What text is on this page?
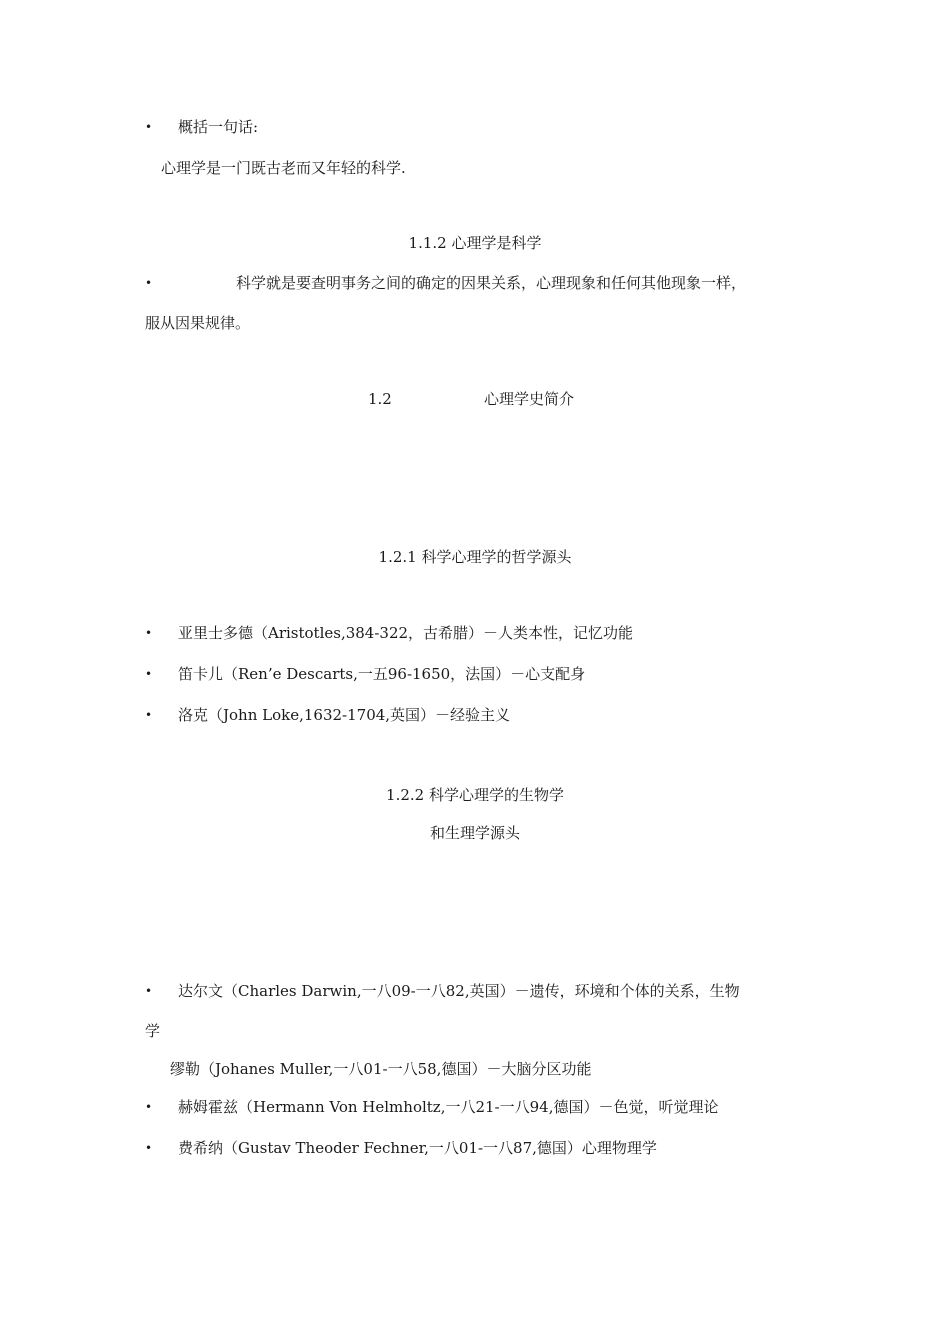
• 概括一句话:
心理学是一门既古老而又年轻的科学.
1.1.2 心理学是科学
•	科学就是要查明事务之间的确定的因果关系，心理现象和任何其他现象一样，
服从因果规律。
1.2	心理学史简介
1.2.1 科学心理学的哲学源头
• 亚里士多德（Aristotles,384-322，古希腊）－人类本性，记忆功能
• 笛卡儿（Ren’e Descarts,一五96-1650，法国）－心支配身
• 洛克（John Loke,1632-1704,英国）－经验主义
1.2.2 科学心理学的生物学
和生理学源头
• 达尔文（Charles Darwin,一八09-一八82,英国）－遗传，环境和个体的关系，生物
学
缪勒（Johanes Muller,一八01-一八58,德国）－大脑分区功能
• 赫姆霍兹（Hermann Von Helmholtz,一八21-一八94,德国）－色觉，听觉理论
• 费希纳（Gustav Theoder Fechner,一八01-一八87,德国）心理物理学
